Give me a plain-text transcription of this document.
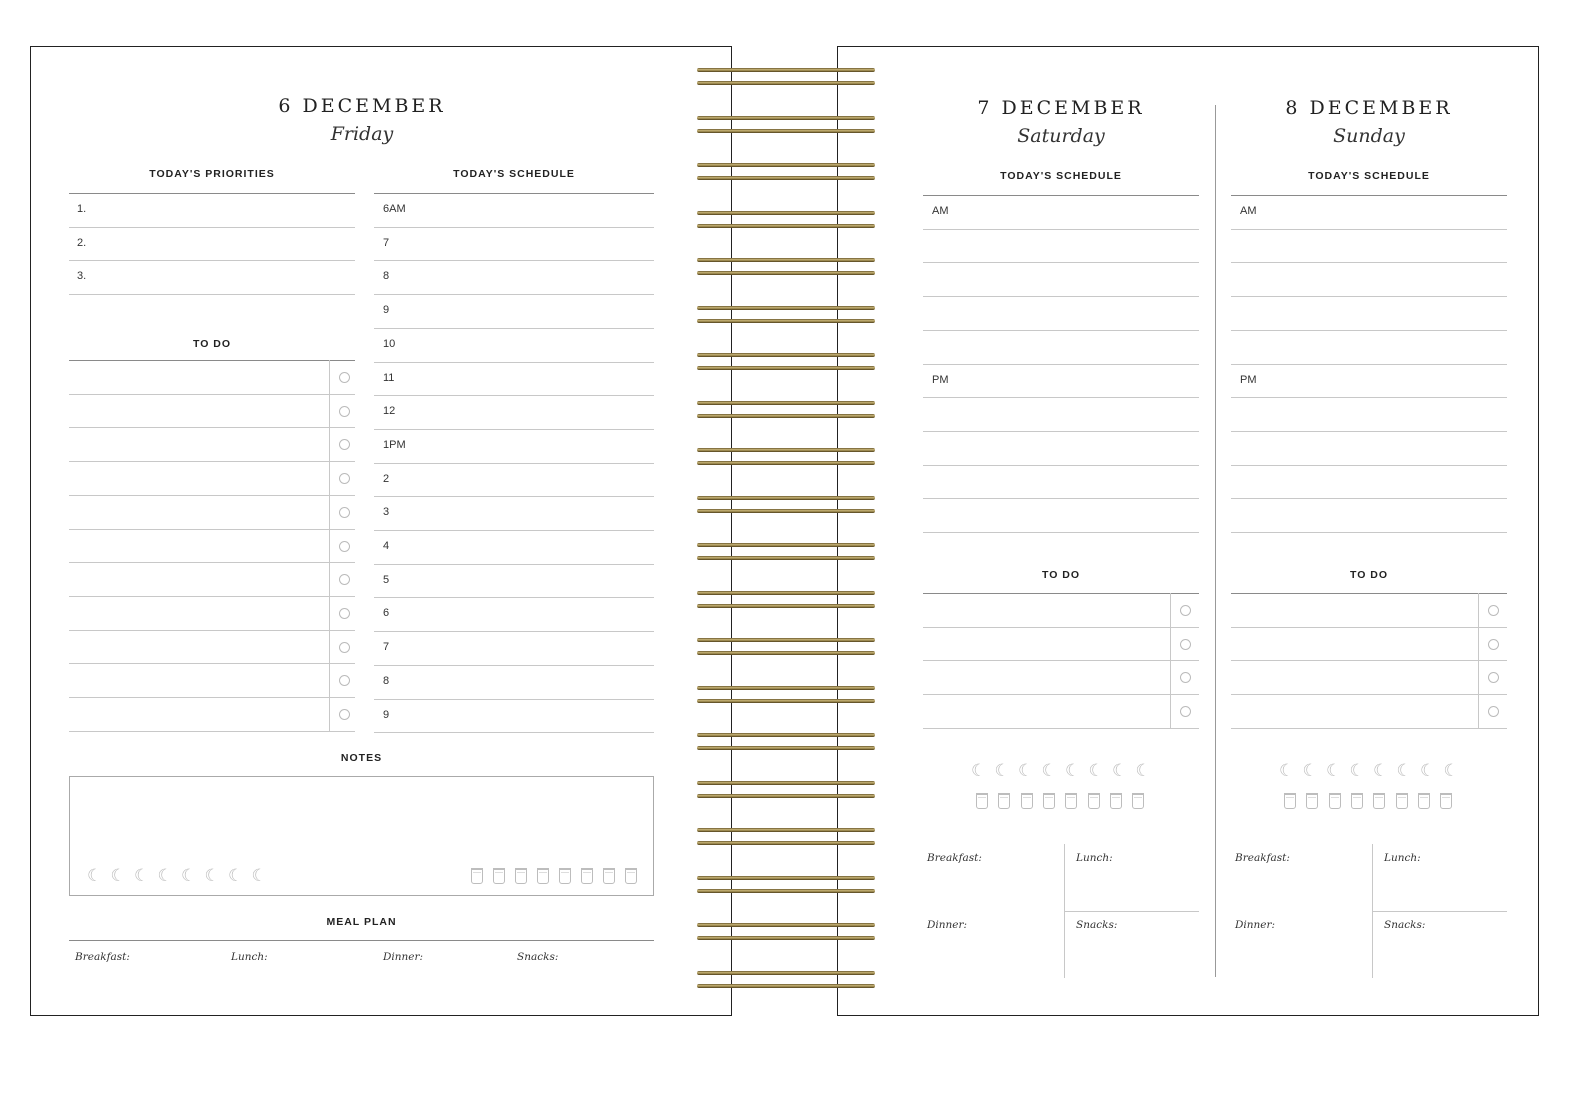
6 DECEMBER
Friday
TODAY'S PRIORITIES	TODAY'S SCHEDULE
1.
2.
3.
6AM
7
8
9
10
11
12
1PM
2
3
4
5
6
7
8
9
TO DO
NOTES
☾ ☾ ☾ ☾ ☾ ☾ ☾ ☾
MEAL PLAN
Breakfast:	Lunch:	Dinner:	Snacks:
7 DECEMBER
Saturday
TODAY'S SCHEDULE
AM
PM
TO DO
☾ ☾ ☾ ☾ ☾ ☾ ☾ ☾
Breakfast:	Lunch:
Dinner:	Snacks:
8 DECEMBER
Sunday
TODAY'S SCHEDULE
AM
PM
TO DO
☾ ☾ ☾ ☾ ☾ ☾ ☾ ☾
Breakfast:	Lunch:
Dinner:	Snacks:
